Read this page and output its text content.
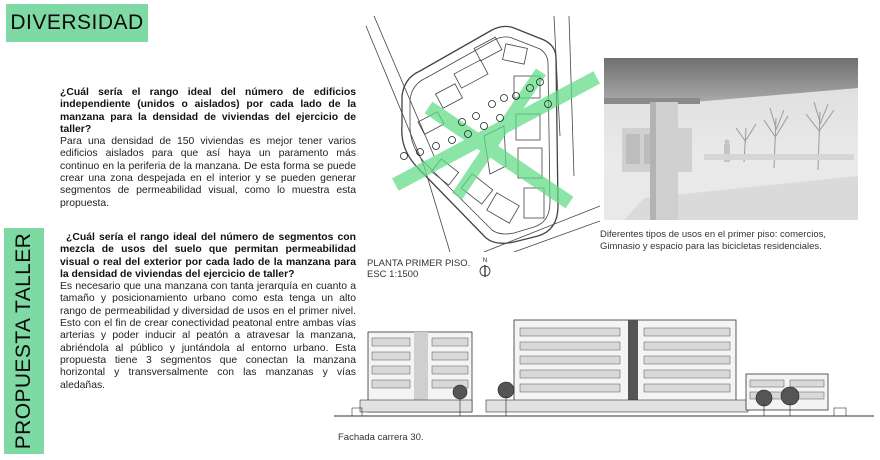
DIVERSIDAD
PROPUESTA TALLER
¿Cuál sería el rango ideal del número de edificios independiente (unidos o aislados) por cada lado de la manzana para la densidad de viviendas del ejercicio de taller?
Para una densidad de 150 viviendas es mejor tener varios edificios aislados para que así haya un paramento más continuo en la periferia de la manzana. De esta forma se puede crear una zona despejada en el interior y se pueden generar segmentos de permeabilidad visual, como lo muestra esta propuesta.
¿Cuál sería el rango ideal del número de segmentos con mezcla de usos del suelo que permitan permeabilidad visual o real del exterior por cada lado de la manzana para la densidad de viviendas del ejercicio de taller?
Es necesario que una manzana con tanta jerarquía en cuanto a tamaño y posicionamiento urbano como esta tenga un alto rango de permeabilidad y diversidad de usos en el primer nivel. Esto con el fin de crear conectividad peatonal entre ambas vías arterias y poder inducir al peatón a atravesar la manzana, abriéndola al público y juntándola al entorno urbano. Esta propuesta tiene 3 segmentos que conectan la manzana horizontal y transversalmente con las manzanas y vías aledañas.
PLANTA PRIMER PISO.
ESC 1:1500
N
Diferentes tipos de usos en el primer piso: comercios,
Gimnasio y espacio para las bicicletas residenciales.
Fachada carrera 30.
